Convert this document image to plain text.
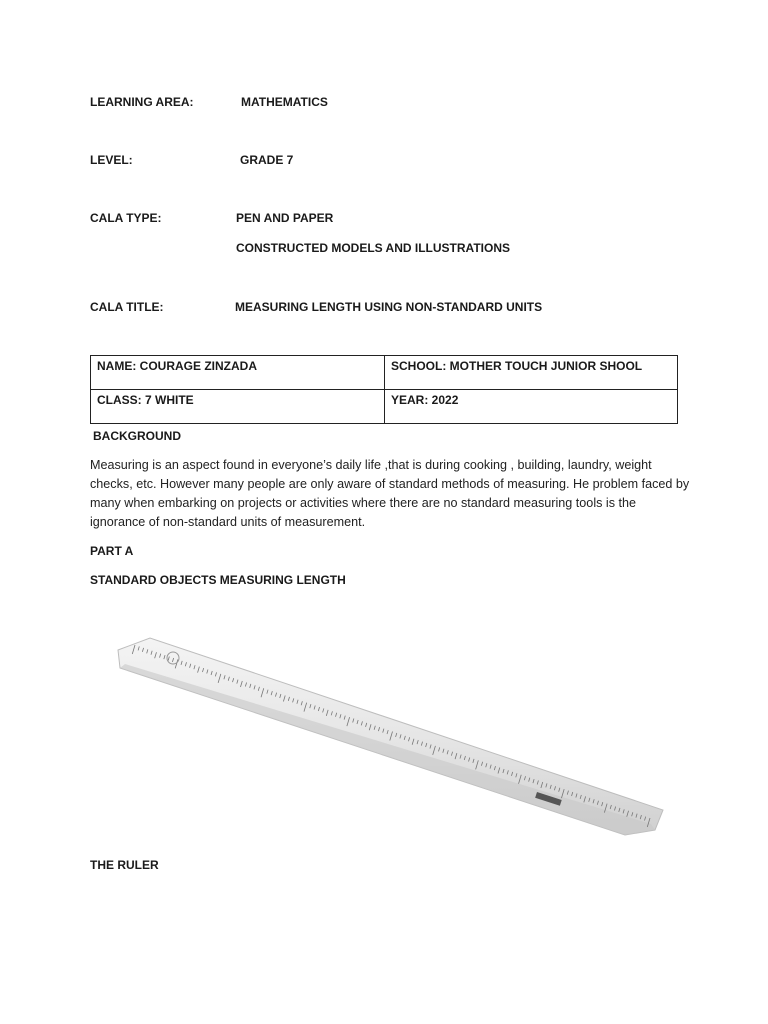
LEARNING AREA:	MATHEMATICS
LEVEL:	GRADE 7
CALA TYPE:	PEN AND PAPER
CONSTRUCTED MODELS AND ILLUSTRATIONS
CALA TITLE:	MEASURING LENGTH USING NON-STANDARD UNITS
NAME: COURAGE ZINZADA	SCHOOL: MOTHER TOUCH JUNIOR SHOOL
CLASS: 7 WHITE	YEAR: 2022
BACKGROUND
Measuring is an aspect found in everyone’s daily life ,that is during cooking , building, laundry, weight checks, etc. However many people are only aware of standard methods of measuring. He problem faced by many when embarking on projects or activities where there are no standard measuring tools is the ignorance of non-standard units of measurement.
PART A
STANDARD OBJECTS MEASURING LENGTH
THE RULER
